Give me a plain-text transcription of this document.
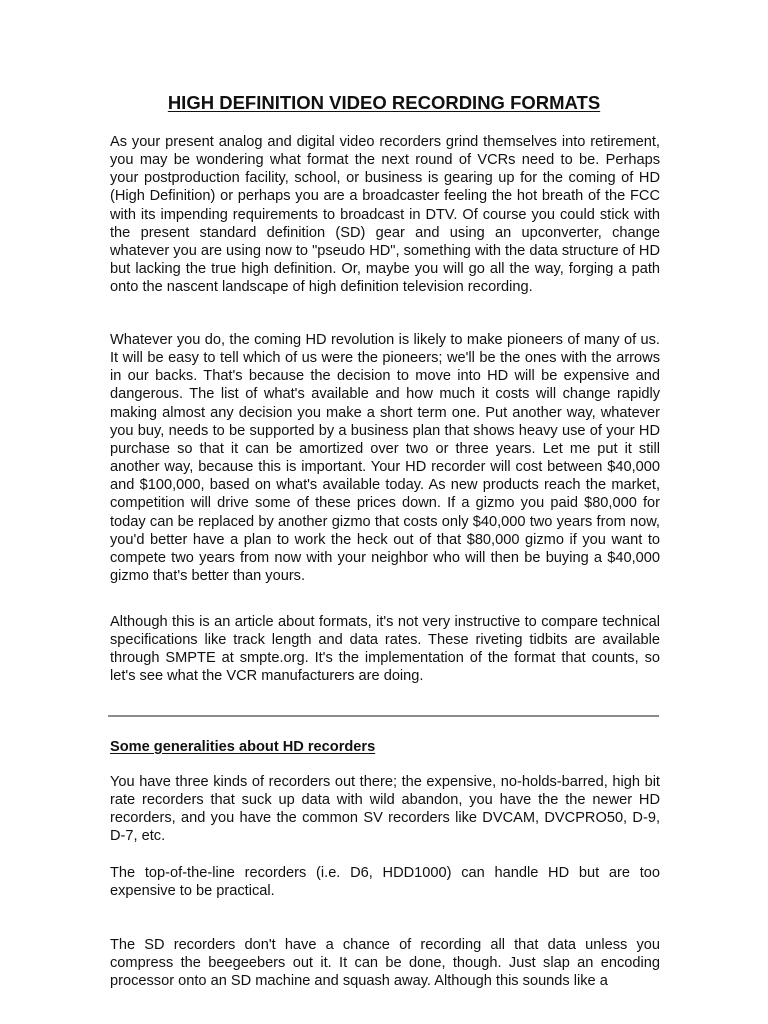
HIGH DEFINITION VIDEO RECORDING FORMATS

As your present analog and digital video recorders grind themselves into retirement, you may be wondering what format the next round of VCRs need to be. Perhaps your postproduction facility, school, or business is gearing up for the coming of HD (High Definition) or perhaps you are a broadcaster feeling the hot breath of the FCC with its impending requirements to broadcast in DTV. Of course you could stick with the present standard definition (SD) gear and using an upconverter, change whatever you are using now to "pseudo HD", something with the data structure of HD but lacking the true high definition. Or, maybe you will go all the way, forging a path onto the nascent landscape of high definition television recording.

Whatever you do, the coming HD revolution is likely to make pioneers of many of us. It will be easy to tell which of us were the pioneers; we'll be the ones with the arrows in our backs. That's because the decision to move into HD will be expensive and dangerous. The list of what's available and how much it costs will change rapidly making almost any decision you make a short term one. Put another way, whatever you buy, needs to be supported by a business plan that shows heavy use of your HD purchase so that it can be amortized over two or three years. Let me put it still another way, because this is important. Your HD recorder will cost between $40,000 and $100,000, based on what's available today. As new products reach the market, competition will drive some of these prices down. If a gizmo you paid $80,000 for today can be replaced by another gizmo that costs only $40,000 two years from now, you'd better have a plan to work the heck out of that $80,000 gizmo if you want to compete two years from now with your neighbor who will then be buying a $40,000 gizmo that's better than yours.

Although this is an article about formats, it's not very instructive to compare technical specifications like track length and data rates. These riveting tidbits are available through SMPTE at smpte.org. It's the implementation of the format that counts, so let's see what the VCR manufacturers are doing.

Some generalities about HD recorders

You have three kinds of recorders out there; the expensive, no-holds-barred, high bit rate recorders that suck up data with wild abandon, you have the the newer HD recorders, and you have the common SV recorders like DVCAM, DVCPRO50, D-9, D-7, etc.

The top-of-the-line recorders (i.e. D6, HDD1000) can handle HD but are too expensive to be practical.

The SD recorders don't have a chance of recording all that data unless you compress the beegeebers out it. It can be done, though. Just slap an encoding processor onto an SD machine and squash away. Although this sounds like a
